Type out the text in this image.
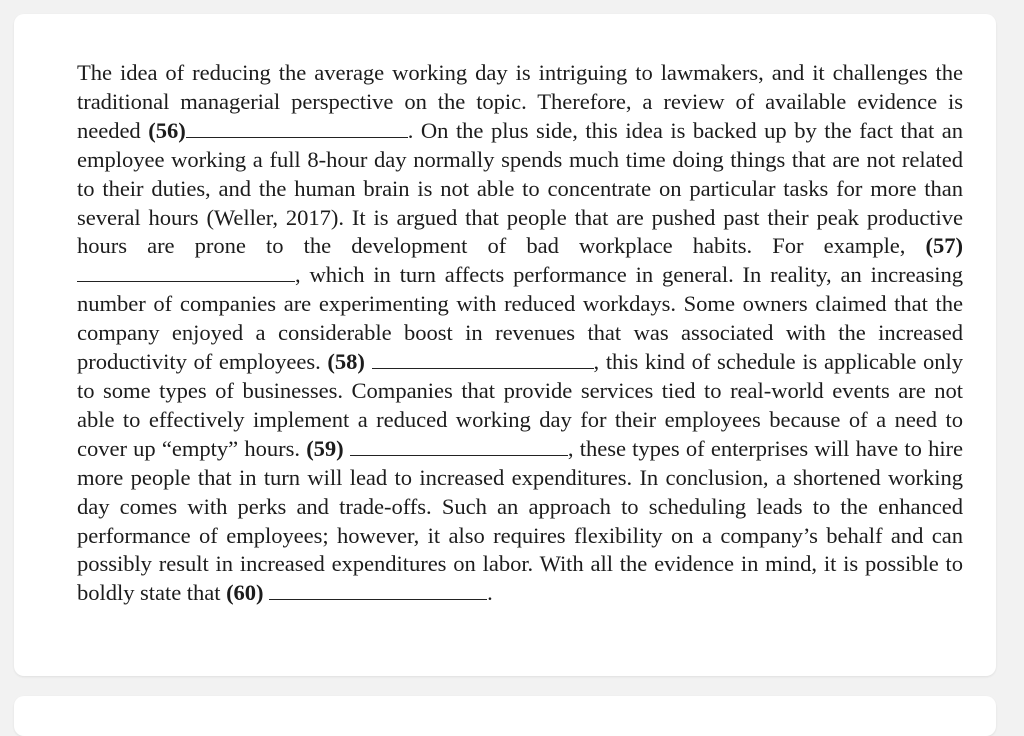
The idea of reducing the average working day is intriguing to lawmakers, and it challenges the traditional managerial perspective on the topic. Therefore, a review of available evidence is needed (56)	. On the plus side, this idea is backed up by the fact that an employee working a full 8-hour day normally spends much time doing things that are not related to their duties, and the human brain is not able to concentrate on particular tasks for more than several hours (Weller, 2017). It is argued that people that are pushed past their peak productive hours are prone to the development of bad workplace habits. For example, (57) , which in turn affects performance in general. In reality, an increasing number of companies are experimenting with reduced workdays. Some owners claimed that the company enjoyed a considerable boost in revenues that was associated with the increased productivity of employees. (58)	, this kind of schedule is applicable only to some types of businesses. Companies that provide services tied to real-world events are not able to effectively implement a reduced working day for their employees because of a need to cover up “empty” hours. (59)	, these types of enterprises will have to hire more people that in turn will lead to increased expenditures. In conclusion, a shortened working day comes with perks and trade-offs. Such an approach to scheduling leads to the enhanced performance of employees; however, it also requires flexibility on a company’s behalf and can possibly result in increased expenditures on labor. With all the evidence in mind, it is possible to boldly state that (60)	.
